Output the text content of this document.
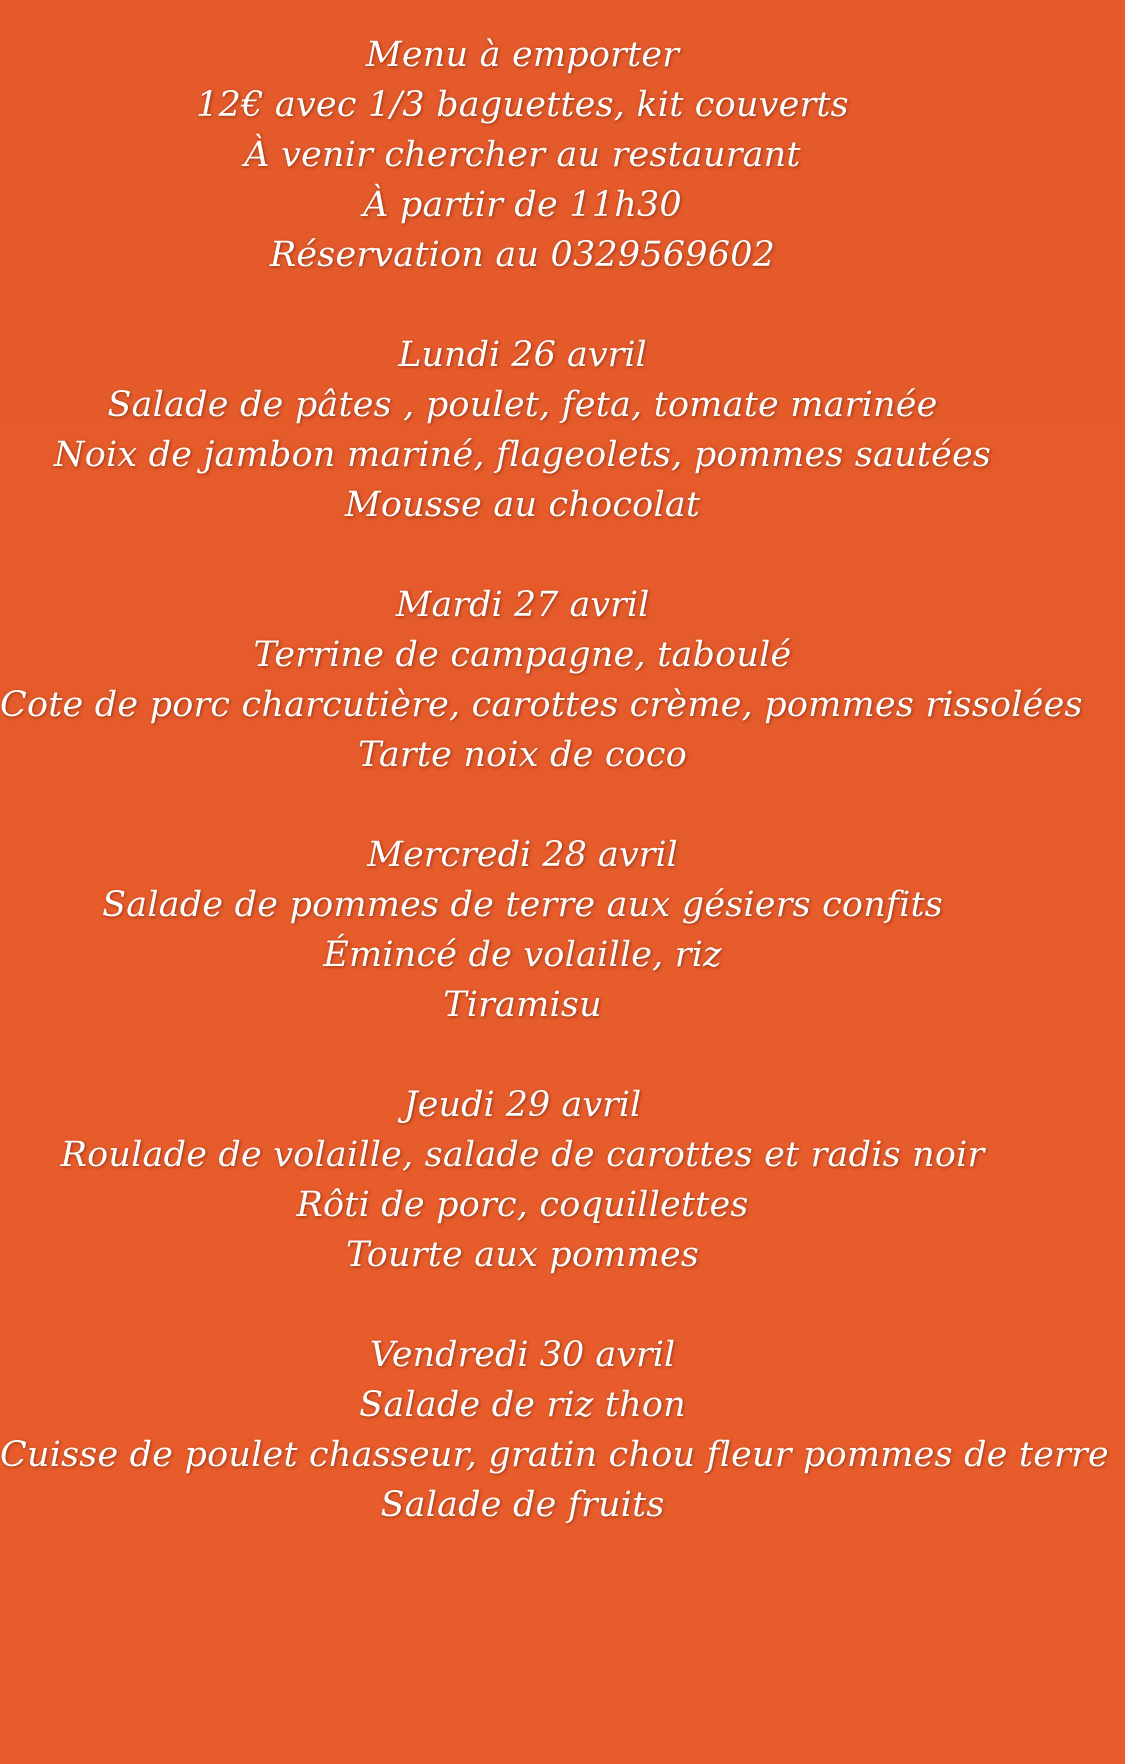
Menu à emporter
12€ avec 1/3 baguettes, kit couverts
À venir chercher au restaurant
À partir de 11h30
Réservation au 0329569602
Lundi 26 avril
Salade de pâtes , poulet, feta, tomate marinée
Noix de jambon mariné, flageolets, pommes sautées
Mousse au chocolat
Mardi 27 avril
Terrine de campagne, taboulé
Cote de porc charcutière, carottes crème, pommes rissolées
Tarte noix de coco
Mercredi 28 avril
Salade de pommes de terre aux gésiers confits
Émincé de volaille, riz
Tiramisu
Jeudi 29 avril
Roulade de volaille, salade de carottes et radis noir
Rôti de porc, coquillettes
Tourte aux pommes
Vendredi 30 avril
Salade de riz thon
Cuisse de poulet chasseur, gratin chou fleur pommes de terre
Salade de fruits
